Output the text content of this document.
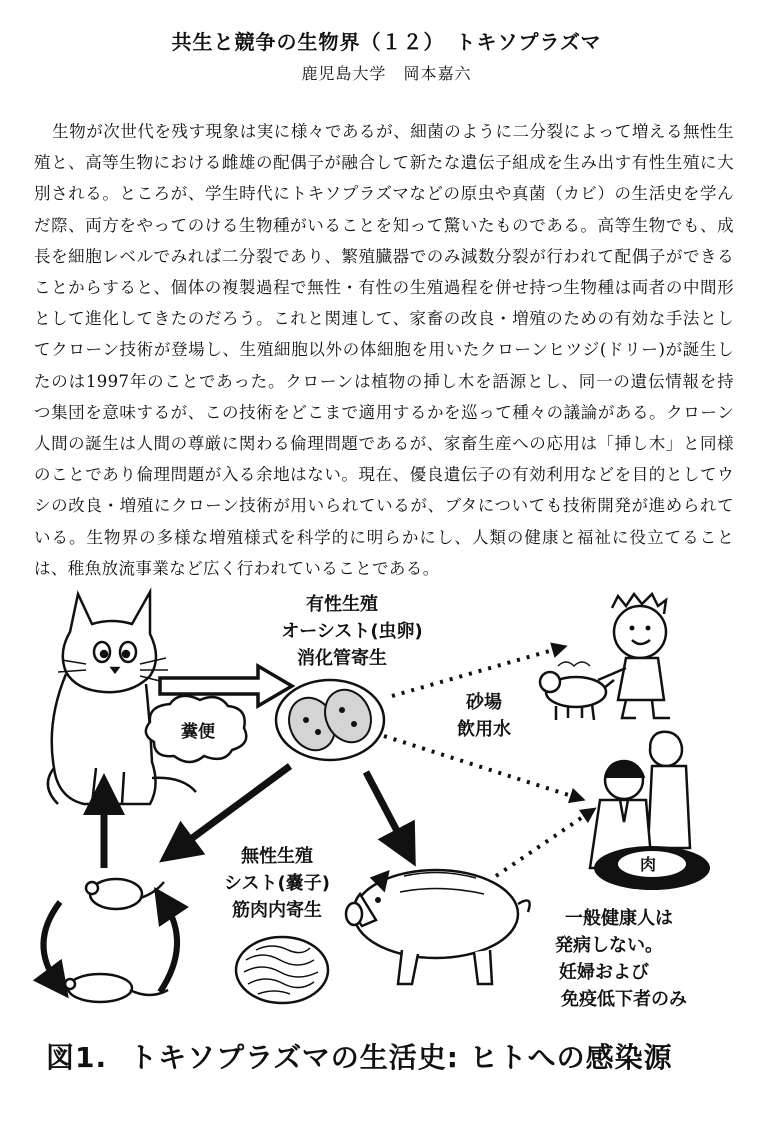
共生と競争の生物界（１２）　トキソプラズマ
鹿児島大学　岡本嘉六

生物が次世代を残す現象は実に様々であるが、細菌のように二分裂によって増える無性生殖と、高等生物における雌雄の配偶子が融合して新たな遺伝子組成を生み出す有性生殖に大別される。ところが、学生時代にトキソプラズマなどの原虫や真菌（カビ）の生活史を学んだ際、両方をやってのける生物種がいることを知って驚いたものである。高等生物でも、成長を細胞レベルでみれば二分裂であり、繁殖臓器でのみ減数分裂が行われて配偶子ができることからすると、個体の複製過程で無性・有性の生殖過程を併せ持つ生物種は両者の中間形として進化してきたのだろう。これと関連して、家畜の改良・増殖のための有効な手法としてクローン技術が登場し、生殖細胞以外の体細胞を用いたクローンヒツジ(ドリー)が誕生したのは1997年のことであった。クローンは植物の挿し木を語源とし、同一の遺伝情報を持つ集団を意味するが、この技術をどこまで適用するかを巡って種々の議論がある。クローン人間の誕生は人間の尊厳に関わる倫理問題であるが、家畜生産への応用は「挿し木」と同様のことであり倫理問題が入る余地はない。現在、優良遺伝子の有効利用などを目的としてウシの改良・増殖にクローン技術が用いられているが、ブタについても技術開発が進められている。生物界の多様な増殖様式を科学的に明らかにし、人類の健康と福祉に役立てることは、稚魚放流事業など広く行われていることである。

糞便
有性生殖
オーシスト(虫卵)
消化管寄生
砂場
飲用水
肉
一般健康人は
発病しない。
妊婦および
免疫低下者のみ
無性生殖
シスト(嚢子)
筋肉内寄生
図1. トキソプラズマの生活史: ヒトへの感染源
